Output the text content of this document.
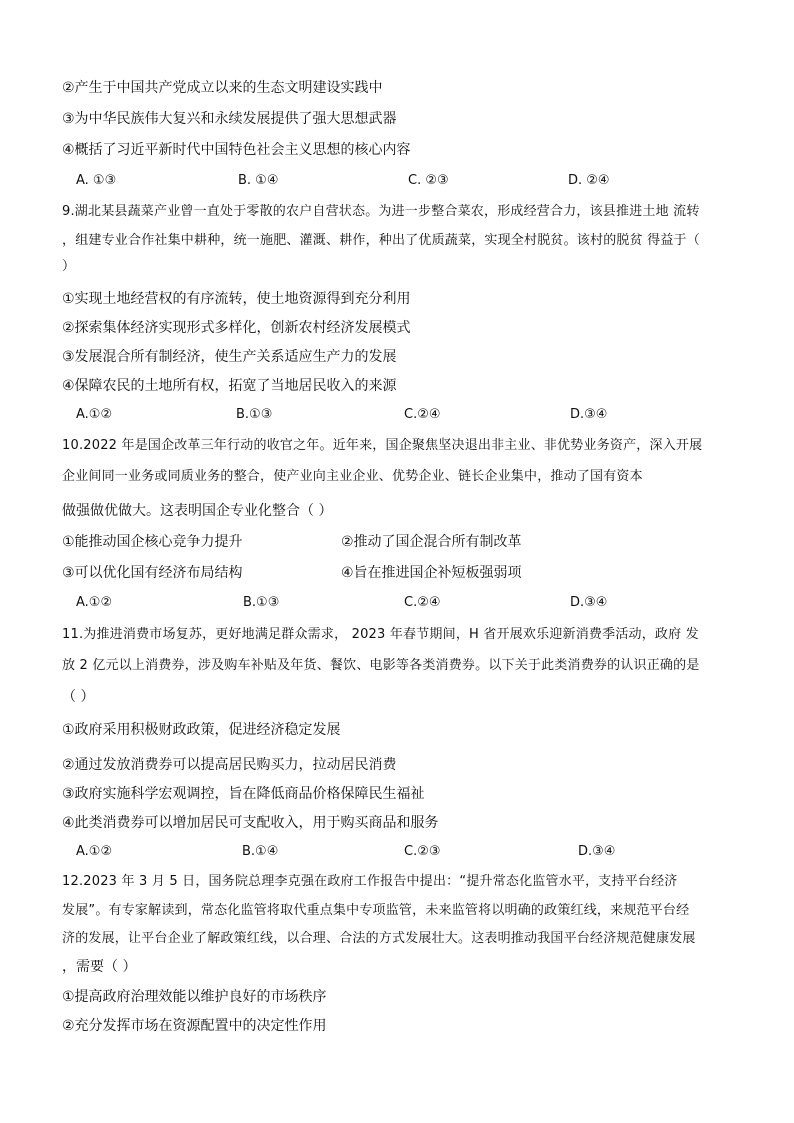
②产生于中国共产党成立以来的生态文明建设实践中
③为中华民族伟大复兴和永续发展提供了强大思想武器
④概括了习近平新时代中国特色社会主义思想的核心内容
A. ①③	B. ①④	C. ②③	D. ②④
9.湖北某县蔬菜产业曾一直处于零散的农户自营状态。为进一步整合菜农，形成经营合力，该县推进土地 流转
，组建专业合作社集中耕种，统一施肥、灌溉、耕作，种出了优质蔬菜，实现全村脱贫。该村的脱贫 得益于（
）
①实现土地经营权的有序流转，使土地资源得到充分利用
②探索集体经济实现形式多样化，创新农村经济发展模式
③发展混合所有制经济，使生产关系适应生产力的发展
④保障农民的土地所有权，拓宽了当地居民收入的来源
A.①②	B.①③	C.②④	D.③④
10.2022 年是国企改革三年行动的收官之年。近年来，国企聚焦坚决退出非主业、非优势业务资产，深入开展
企业间同一业务或同质业务的整合，使产业向主业企业、优势企业、链长企业集中，推动了国有资本
做强做优做大。这表明国企专业化整合（ ）
①能推动国企核心竞争力提升	②推动了国企混合所有制改革
③可以优化国有经济布局结构	④旨在推进国企补短板强弱项
A.①②	B.①③	C.②④	D.③④
11.为推进消费市场复苏，更好地满足群众需求， 2023 年春节期间，H 省开展欢乐迎新消费季活动，政府 发
放 2 亿元以上消费券，涉及购车补贴及年货、餐饮、电影等各类消费券。以下关于此类消费券的认识正确的是
（ ）
①政府采用积极财政政策，促进经济稳定发展
②通过发放消费券可以提高居民购买力，拉动居民消费
③政府实施科学宏观调控，旨在降低商品价格保障民生福祉
④此类消费券可以增加居民可支配收入，用于购买商品和服务
A.①②	B.①④	C.②③	D.③④
12.2023 年 3 月 5 日，国务院总理李克强在政府工作报告中提出：“提升常态化监管水平，支持平台经济
发展”。有专家解读到，常态化监管将取代重点集中专项监管，未来监管将以明确的政策红线，来规范平台经
济的发展，让平台企业了解政策红线，以合理、合法的方式发展壮大。这表明推动我国平台经济规范健康发展
，需要（ ）
①提高政府治理效能以维护良好的市场秩序
②充分发挥市场在资源配置中的决定性作用
